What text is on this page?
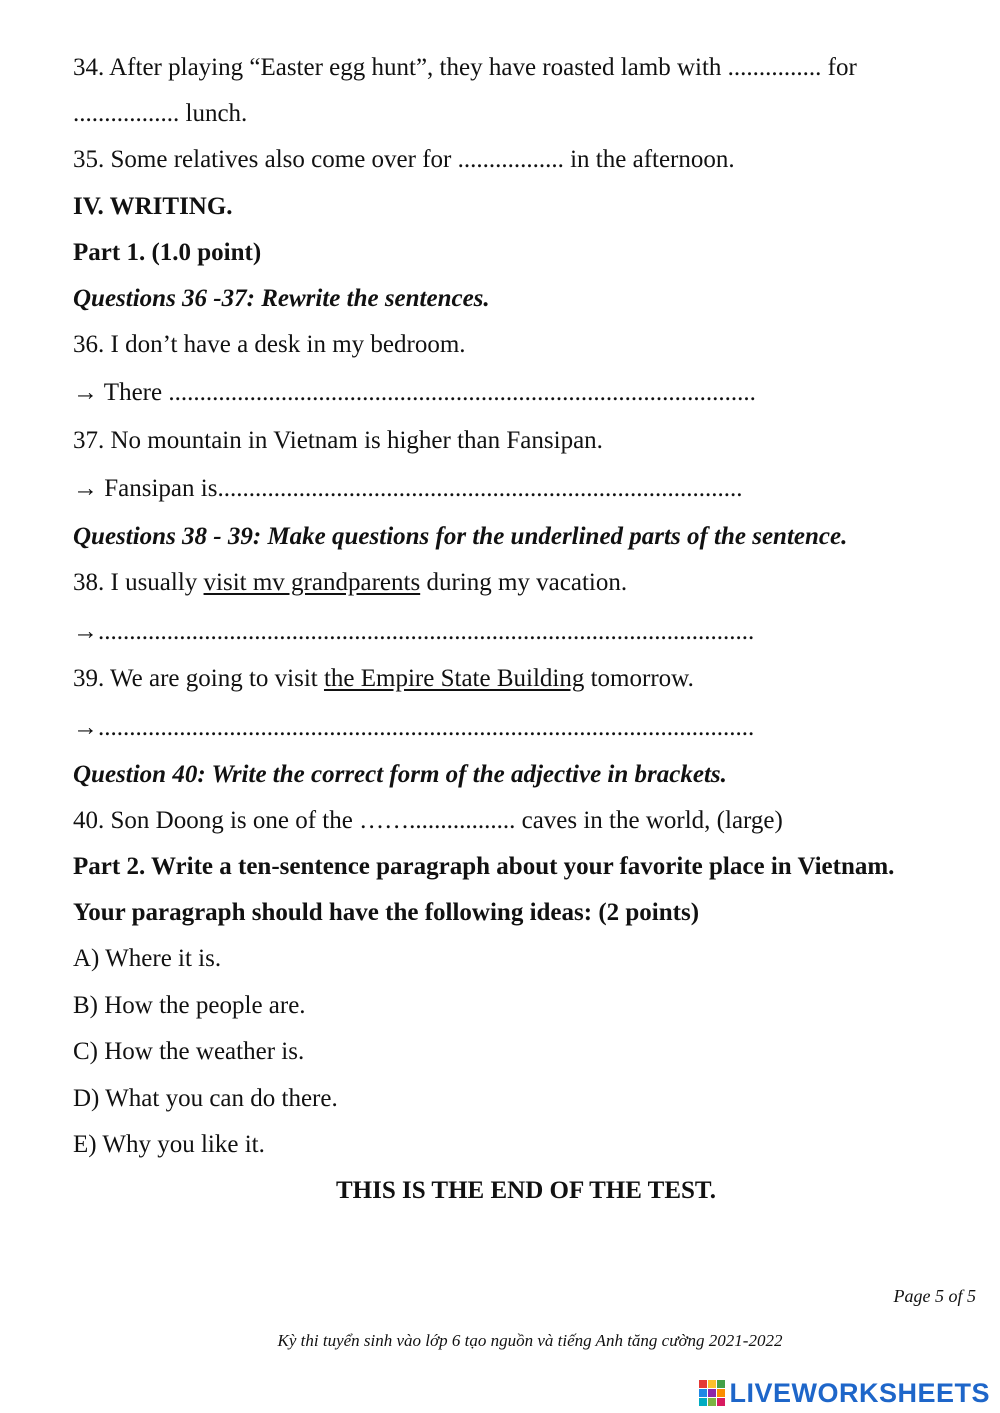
34. After playing “Easter egg hunt”, they have roasted lamb with ............... for
................. lunch.
35. Some relatives also come over for ................. in the afternoon.
IV. WRITING.
Part 1. (1.0 point)
Questions 36 -37: Rewrite the sentences.
36. I don’t have a desk in my bedroom.
→ There ..............................................................................................
37. No mountain in Vietnam is higher than Fansipan.
→ Fansipan is....................................................................................
Questions 38 - 39: Make questions for the underlined parts of the sentence.
38. I usually visit mv grandparents during my vacation.
→.........................................................................................................
39. We are going to visit the Empire State Building tomorrow.
→.........................................................................................................
Question 40: Write the correct form of the adjective in brackets.
40. Son Doong is one of the ……................. caves in the world, (large)
Part 2. Write a ten-sentence paragraph about your favorite place in Vietnam.
Your paragraph should have the following ideas: (2 points)
A) Where it is.
B) How the people are.
C) How the weather is.
D) What you can do there.
E) Why you like it.
THIS IS THE END OF THE TEST.
Page 5 of 5
Kỳ thi tuyển sinh vào lớp 6 tạo nguồn và tiếng Anh tăng cường 2021-2022
LIVEWORKSHEETS
